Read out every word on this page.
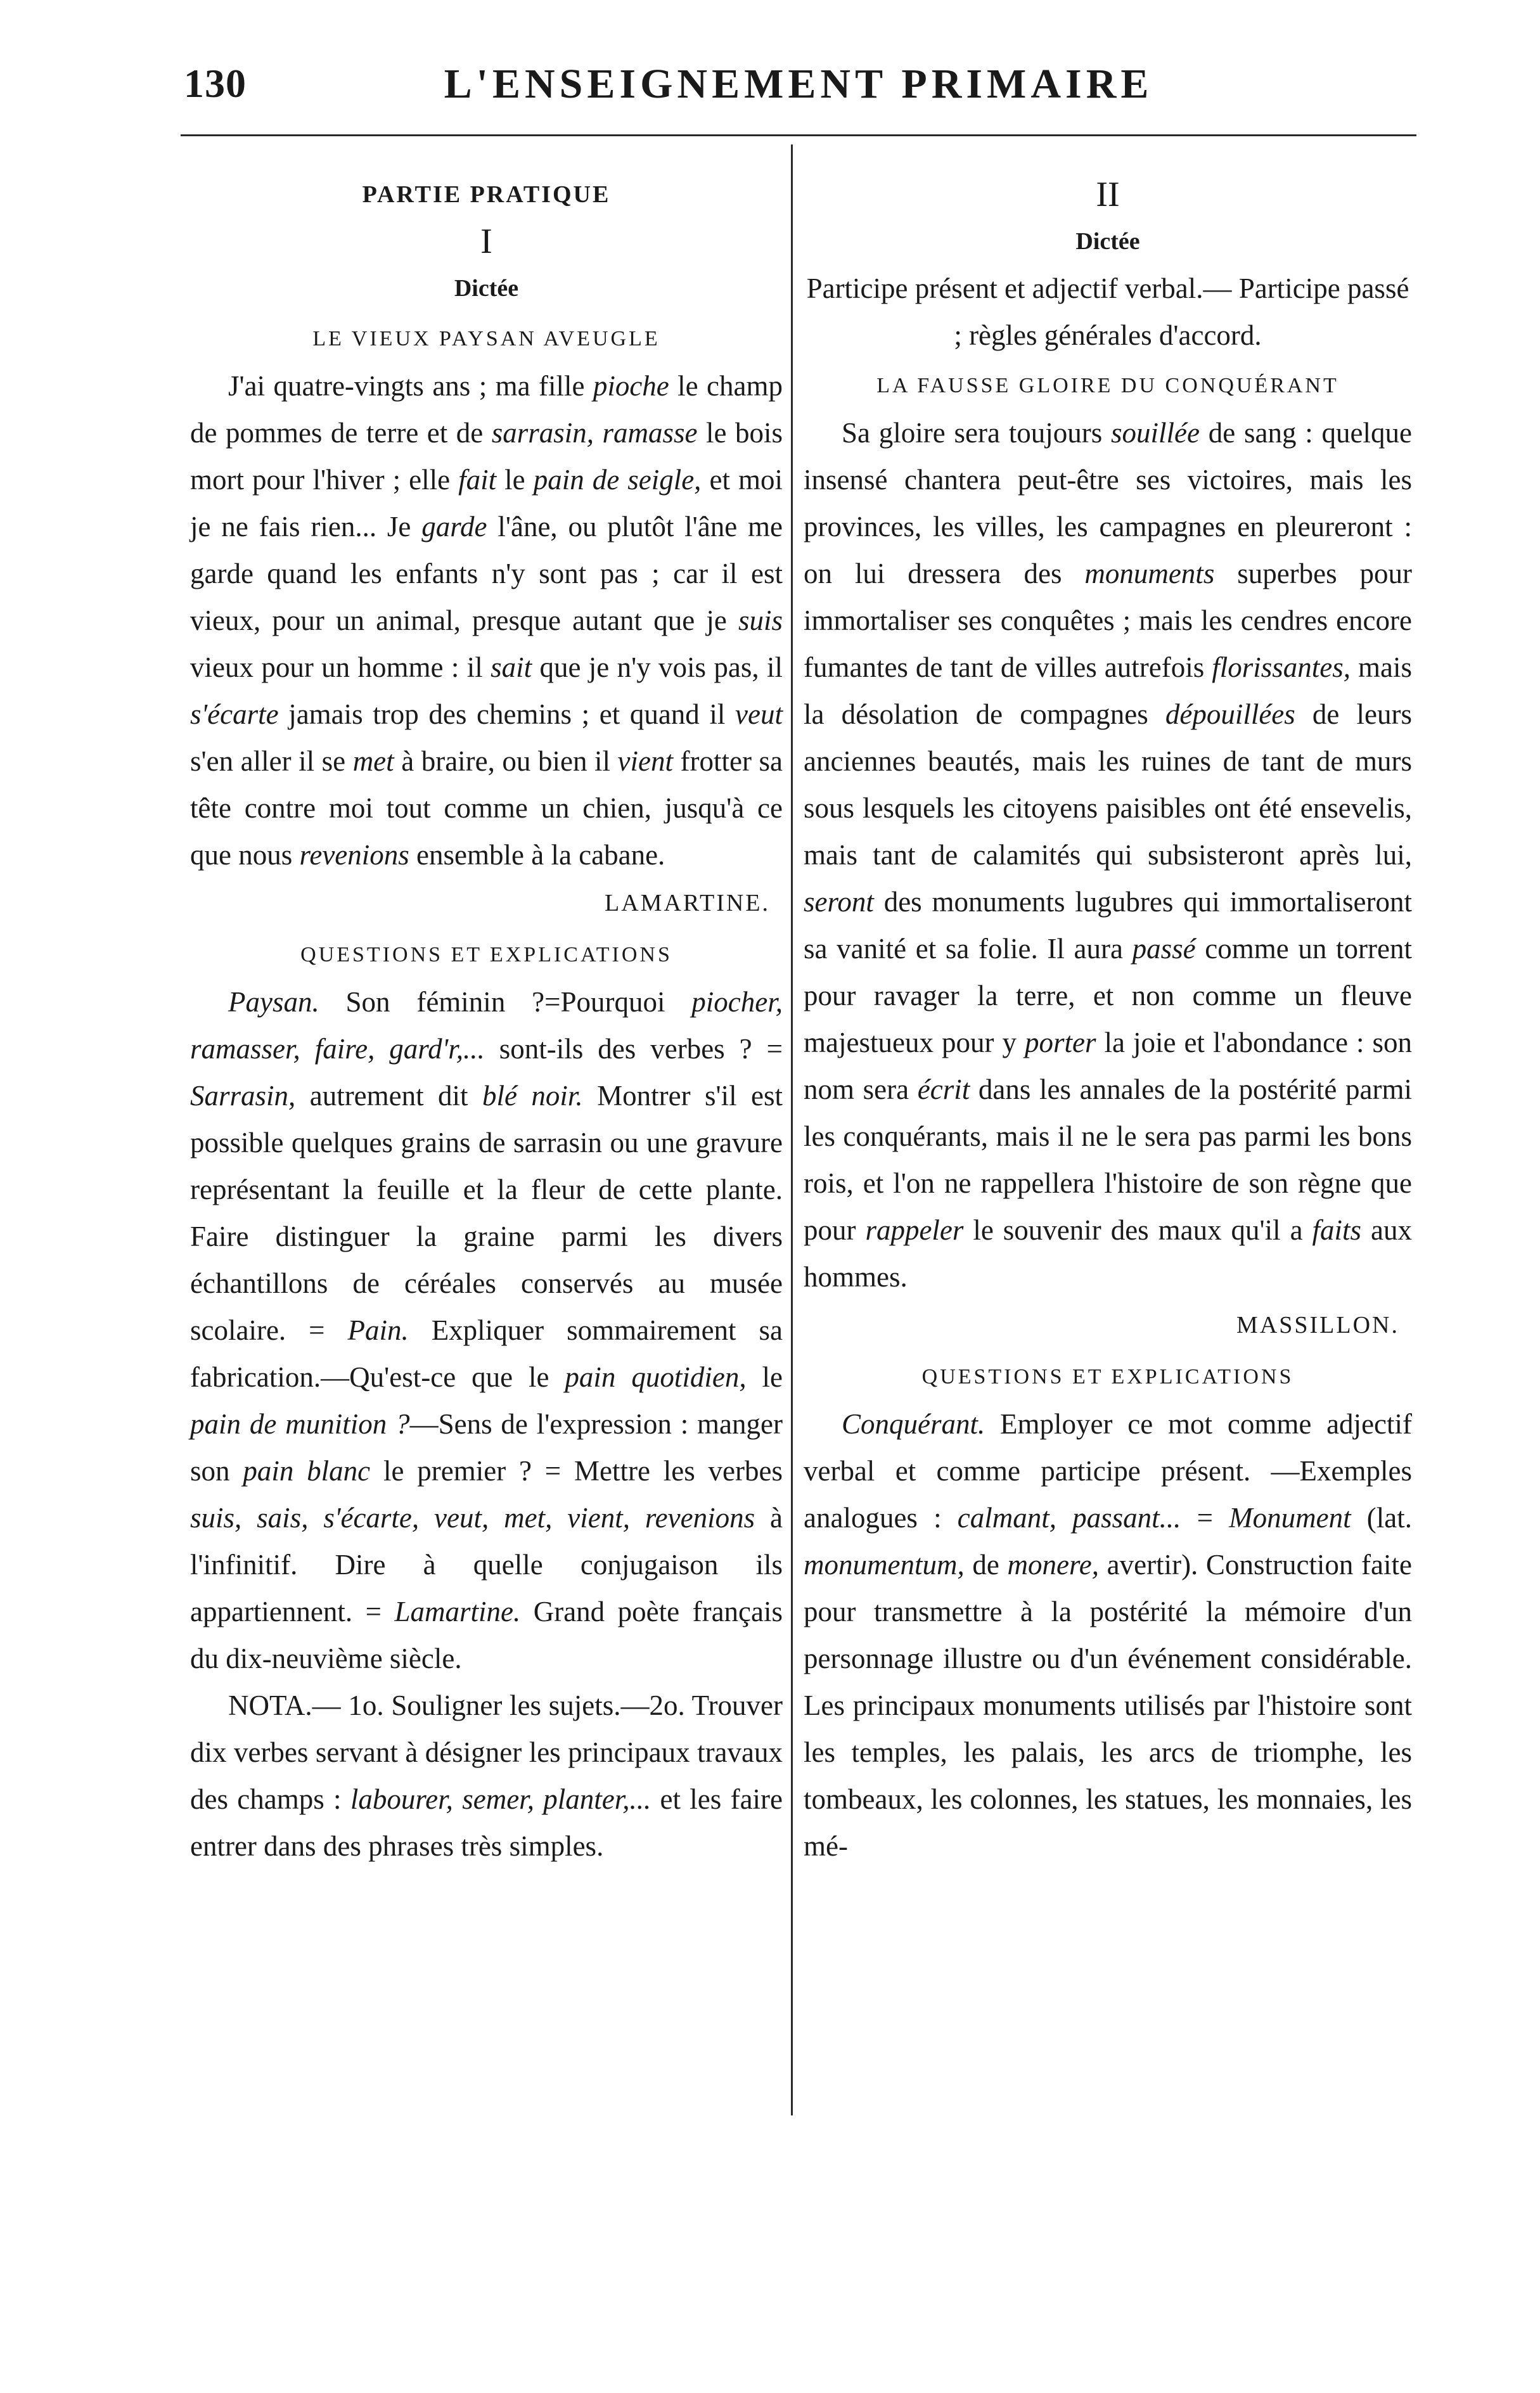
130	L'ENSEIGNEMENT PRIMAIRE

PARTIE PRATIQUE

I

Dictée

LE VIEUX PAYSAN AVEUGLE

J'ai quatre-vingts ans ; ma fille pioche le champ de pommes de terre et de sarrasin, ramasse le bois mort pour l'hiver ; elle fait le pain de seigle, et moi je ne fais rien... Je garde l'âne, ou plutôt l'âne me garde quand les enfants n'y sont pas ; car il est vieux, pour un animal, presque autant que je suis vieux pour un homme : il sait que je n'y vois pas, il s'écarte jamais trop des chemins ; et quand il veut s'en aller il se met à braire, ou bien il vient frotter sa tête contre moi tout comme un chien, jusqu'à ce que nous revenions ensemble à la cabane.

LAMARTINE.

QUESTIONS ET EXPLICATIONS

Paysan. Son féminin ?=Pourquoi piocher, ramasser, faire, gard'r,... sont-ils des verbes ? = Sarrasin, autrement dit blé noir. Montrer s'il est possible quelques grains de sarrasin ou une gravure représentant la feuille et la fleur de cette plante. Faire distinguer la graine parmi les divers échantillons de céréales conservés au musée scolaire. = Pain. Expliquer sommairement sa fabrication.—Qu'est-ce que le pain quotidien, le pain de munition ?—Sens de l'expression : manger son pain blanc le premier ? = Mettre les verbes suis, sais, s'écarte, veut, met, vient, revenions à l'infinitif. Dire à quelle conjugaison ils appartiennent. = Lamartine. Grand poète français du dix-neuvième siècle.

NOTA.— 1o. Souligner les sujets.—2o. Trouver dix verbes servant à désigner les principaux travaux des champs : labourer, semer, planter,... et les faire entrer dans des phrases très simples.

II

Dictée

Participe présent et adjectif verbal.— Participe passé ; règles générales d'accord.

LA FAUSSE GLOIRE DU CONQUÉRANT

Sa gloire sera toujours souillée de sang : quelque insensé chantera peut-être ses victoires, mais les provinces, les villes, les campagnes en pleureront : on lui dressera des monuments superbes pour immortaliser ses conquêtes ; mais les cendres encore fumantes de tant de villes autrefois florissantes, mais la désolation de compagnes dépouillées de leurs anciennes beautés, mais les ruines de tant de murs sous lesquels les citoyens paisibles ont été ensevelis, mais tant de calamités qui subsisteront après lui, seront des monuments lugubres qui immortaliseront sa vanité et sa folie. Il aura passé comme un torrent pour ravager la terre, et non comme un fleuve majestueux pour y porter la joie et l'abondance : son nom sera écrit dans les annales de la postérité parmi les conquérants, mais il ne le sera pas parmi les bons rois, et l'on ne rappellera l'histoire de son règne que pour rappeler le souvenir des maux qu'il a faits aux hommes.

MASSILLON.

QUESTIONS ET EXPLICATIONS

Conquérant. Employer ce mot comme adjectif verbal et comme participe présent. —Exemples analogues : calmant, passant... = Monument (lat. monumentum, de monere, avertir). Construction faite pour transmettre à la postérité la mémoire d'un personnage illustre ou d'un événement considérable. Les principaux monuments utilisés par l'histoire sont les temples, les palais, les arcs de triomphe, les tombeaux, les colonnes, les statues, les monnaies, les mé-
